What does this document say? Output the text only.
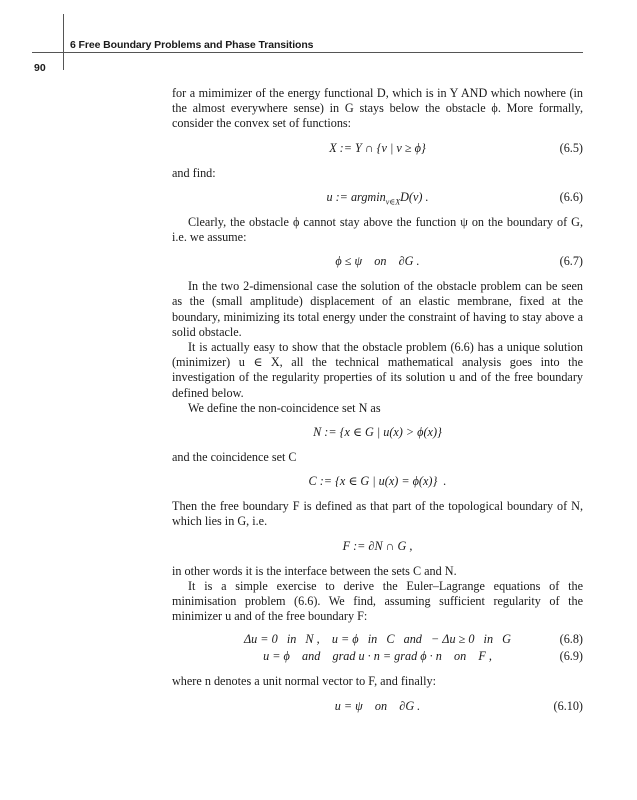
6 Free Boundary Problems and Phase Transitions
90

for a mimimizer of the energy functional D, which is in Y AND which nowhere (in the almost everywhere sense) in G stays below the obstacle ϕ. More formally, consider the convex set of functions:

X := Y ∩ {v | v ≥ ϕ}	(6.5)

and find:

u := argmin$_{v\in X}$D(v) .	(6.6)

Clearly, the obstacle ϕ cannot stay above the function ψ on the boundary of G, i.e. we assume:

ϕ ≤ ψ    on    ∂G .	(6.7)

In the two 2-dimensional case the solution of the obstacle problem can be seen as the (small amplitude) displacement of an elastic membrane, fixed at the boundary, minimizing its total energy under the constraint of having to stay above a solid obstacle.

It is actually easy to show that the obstacle problem (6.6) has a unique solution (minimizer) u ∈ X, all the technical mathematical analysis goes into the investigation of the regularity properties of its solution u and of the free boundary defined below.

We define the non-coincidence set N as

N := {x ∈ G | u(x) > ϕ(x)}

and the coincidence set C

C := {x ∈ G | u(x) = ϕ(x)}  .

Then the free boundary F is defined as that part of the topological boundary of N, which lies in G, i.e.

F := ∂N ∩ G ,

in other words it is the interface between the sets C and N.

It is a simple exercise to derive the Euler–Lagrange equations of the minimisation problem (6.6). We find, assuming sufficient regularity of the minimizer u and of the free boundary F:

Δu = 0   in   N ,    u = ϕ   in   C   and   − Δu ≥ 0   in   G	(6.8)
u = ϕ    and    grad u · n = grad ϕ · n    on    F ,	(6.9)

where n denotes a unit normal vector to F, and finally:

u = ψ    on    ∂G .	(6.10)
